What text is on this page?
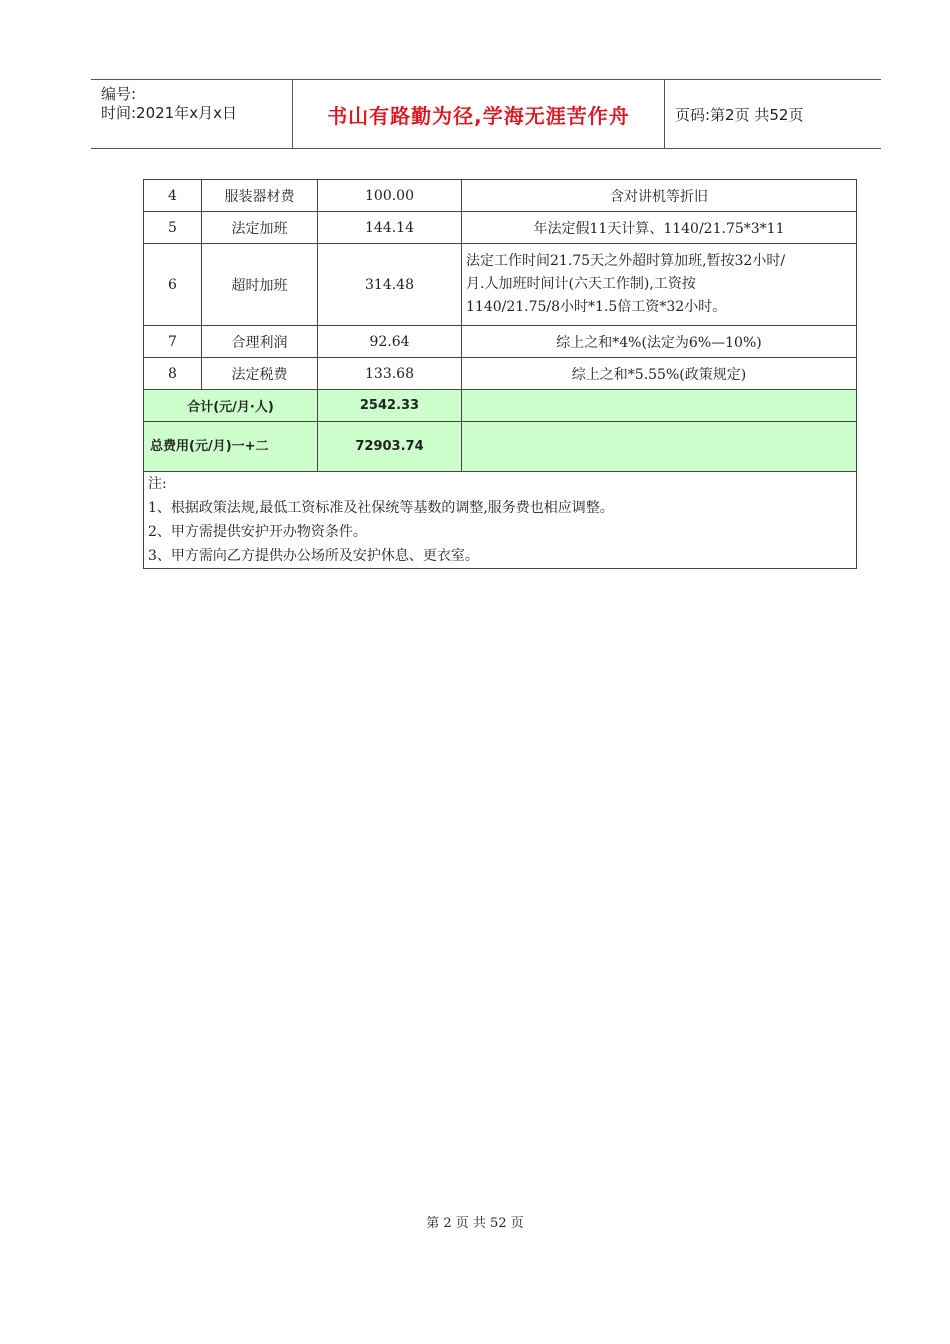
编号:
时间:2021年x月x日	书山有路勤为径,学海无涯苦作舟	页码:第2页 共52页
4	服装器材费	100.00	含对讲机等折旧
5	法定加班	144.14	年法定假11天计算、1140/21.75*3*11
6	超时加班	314.48	法定工作时间21.75天之外超时算加班,暂按32小时/
月.人加班时间计(六天工作制),工资按
1140/21.75/8小时*1.5倍工资*32小时。

7	合理利润	92.64	综上之和*4%(法定为6%—10%)
8	法定税费	133.68	综上之和*5.55%(政策规定)
合计(元/月·人)		2542.33	
总费用(元/月)一+二		72903.74	

注:
1、根据政策法规,最低工资标准及社保统等基数的调整,服务费也相应调整。
2、甲方需提供安护开办物资条件。
3、甲方需向乙方提供办公场所及安护休息、更衣室。			
第 2 页 共 52 页
